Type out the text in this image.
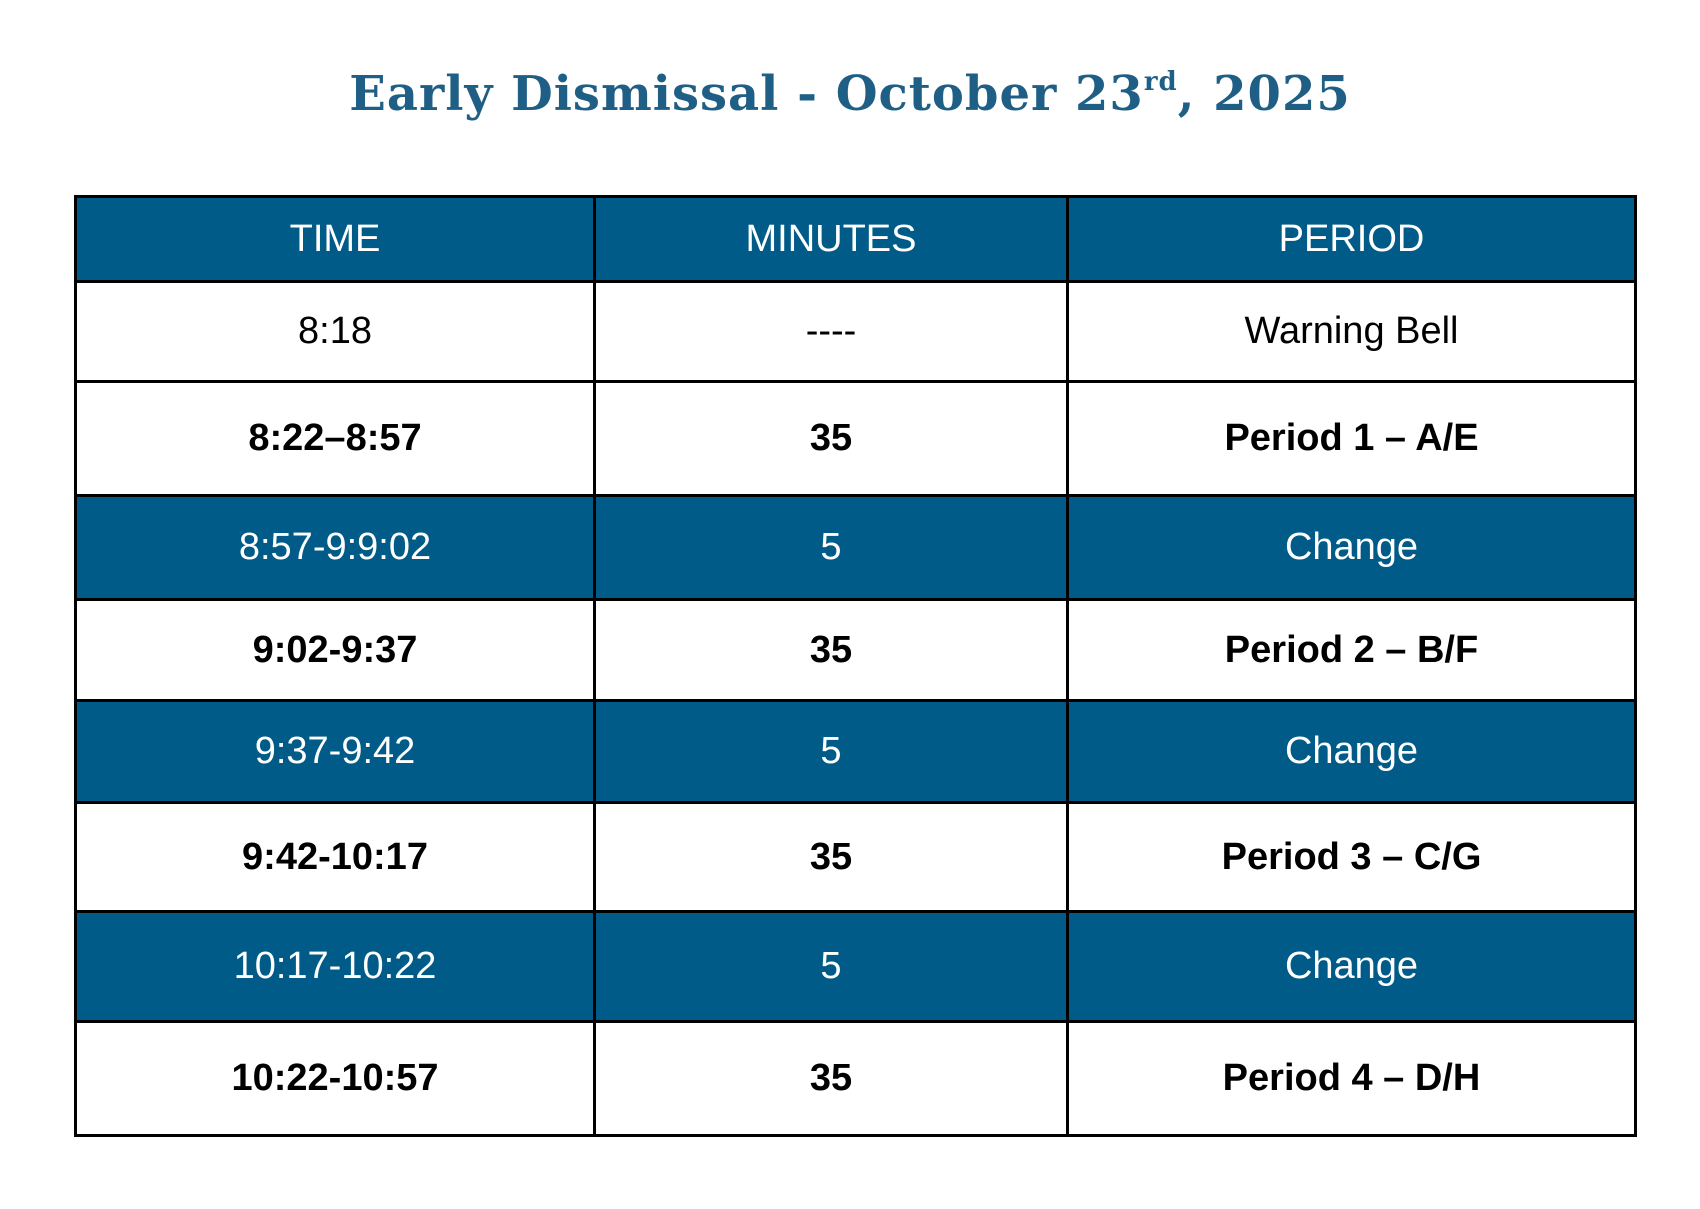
Early Dismissal - October 23rd, 2025
TIME	MINUTES	PERIOD
8:18	----	Warning Bell
8:22–8:57	35	Period 1 – A/E
8:57-9:9:02	5	Change
9:02-9:37	35	Period 2 – B/F
9:37-9:42	5	Change
9:42-10:17	35	Period 3 – C/G
10:17-10:22	5	Change
10:22-10:57	35	Period 4 – D/H
